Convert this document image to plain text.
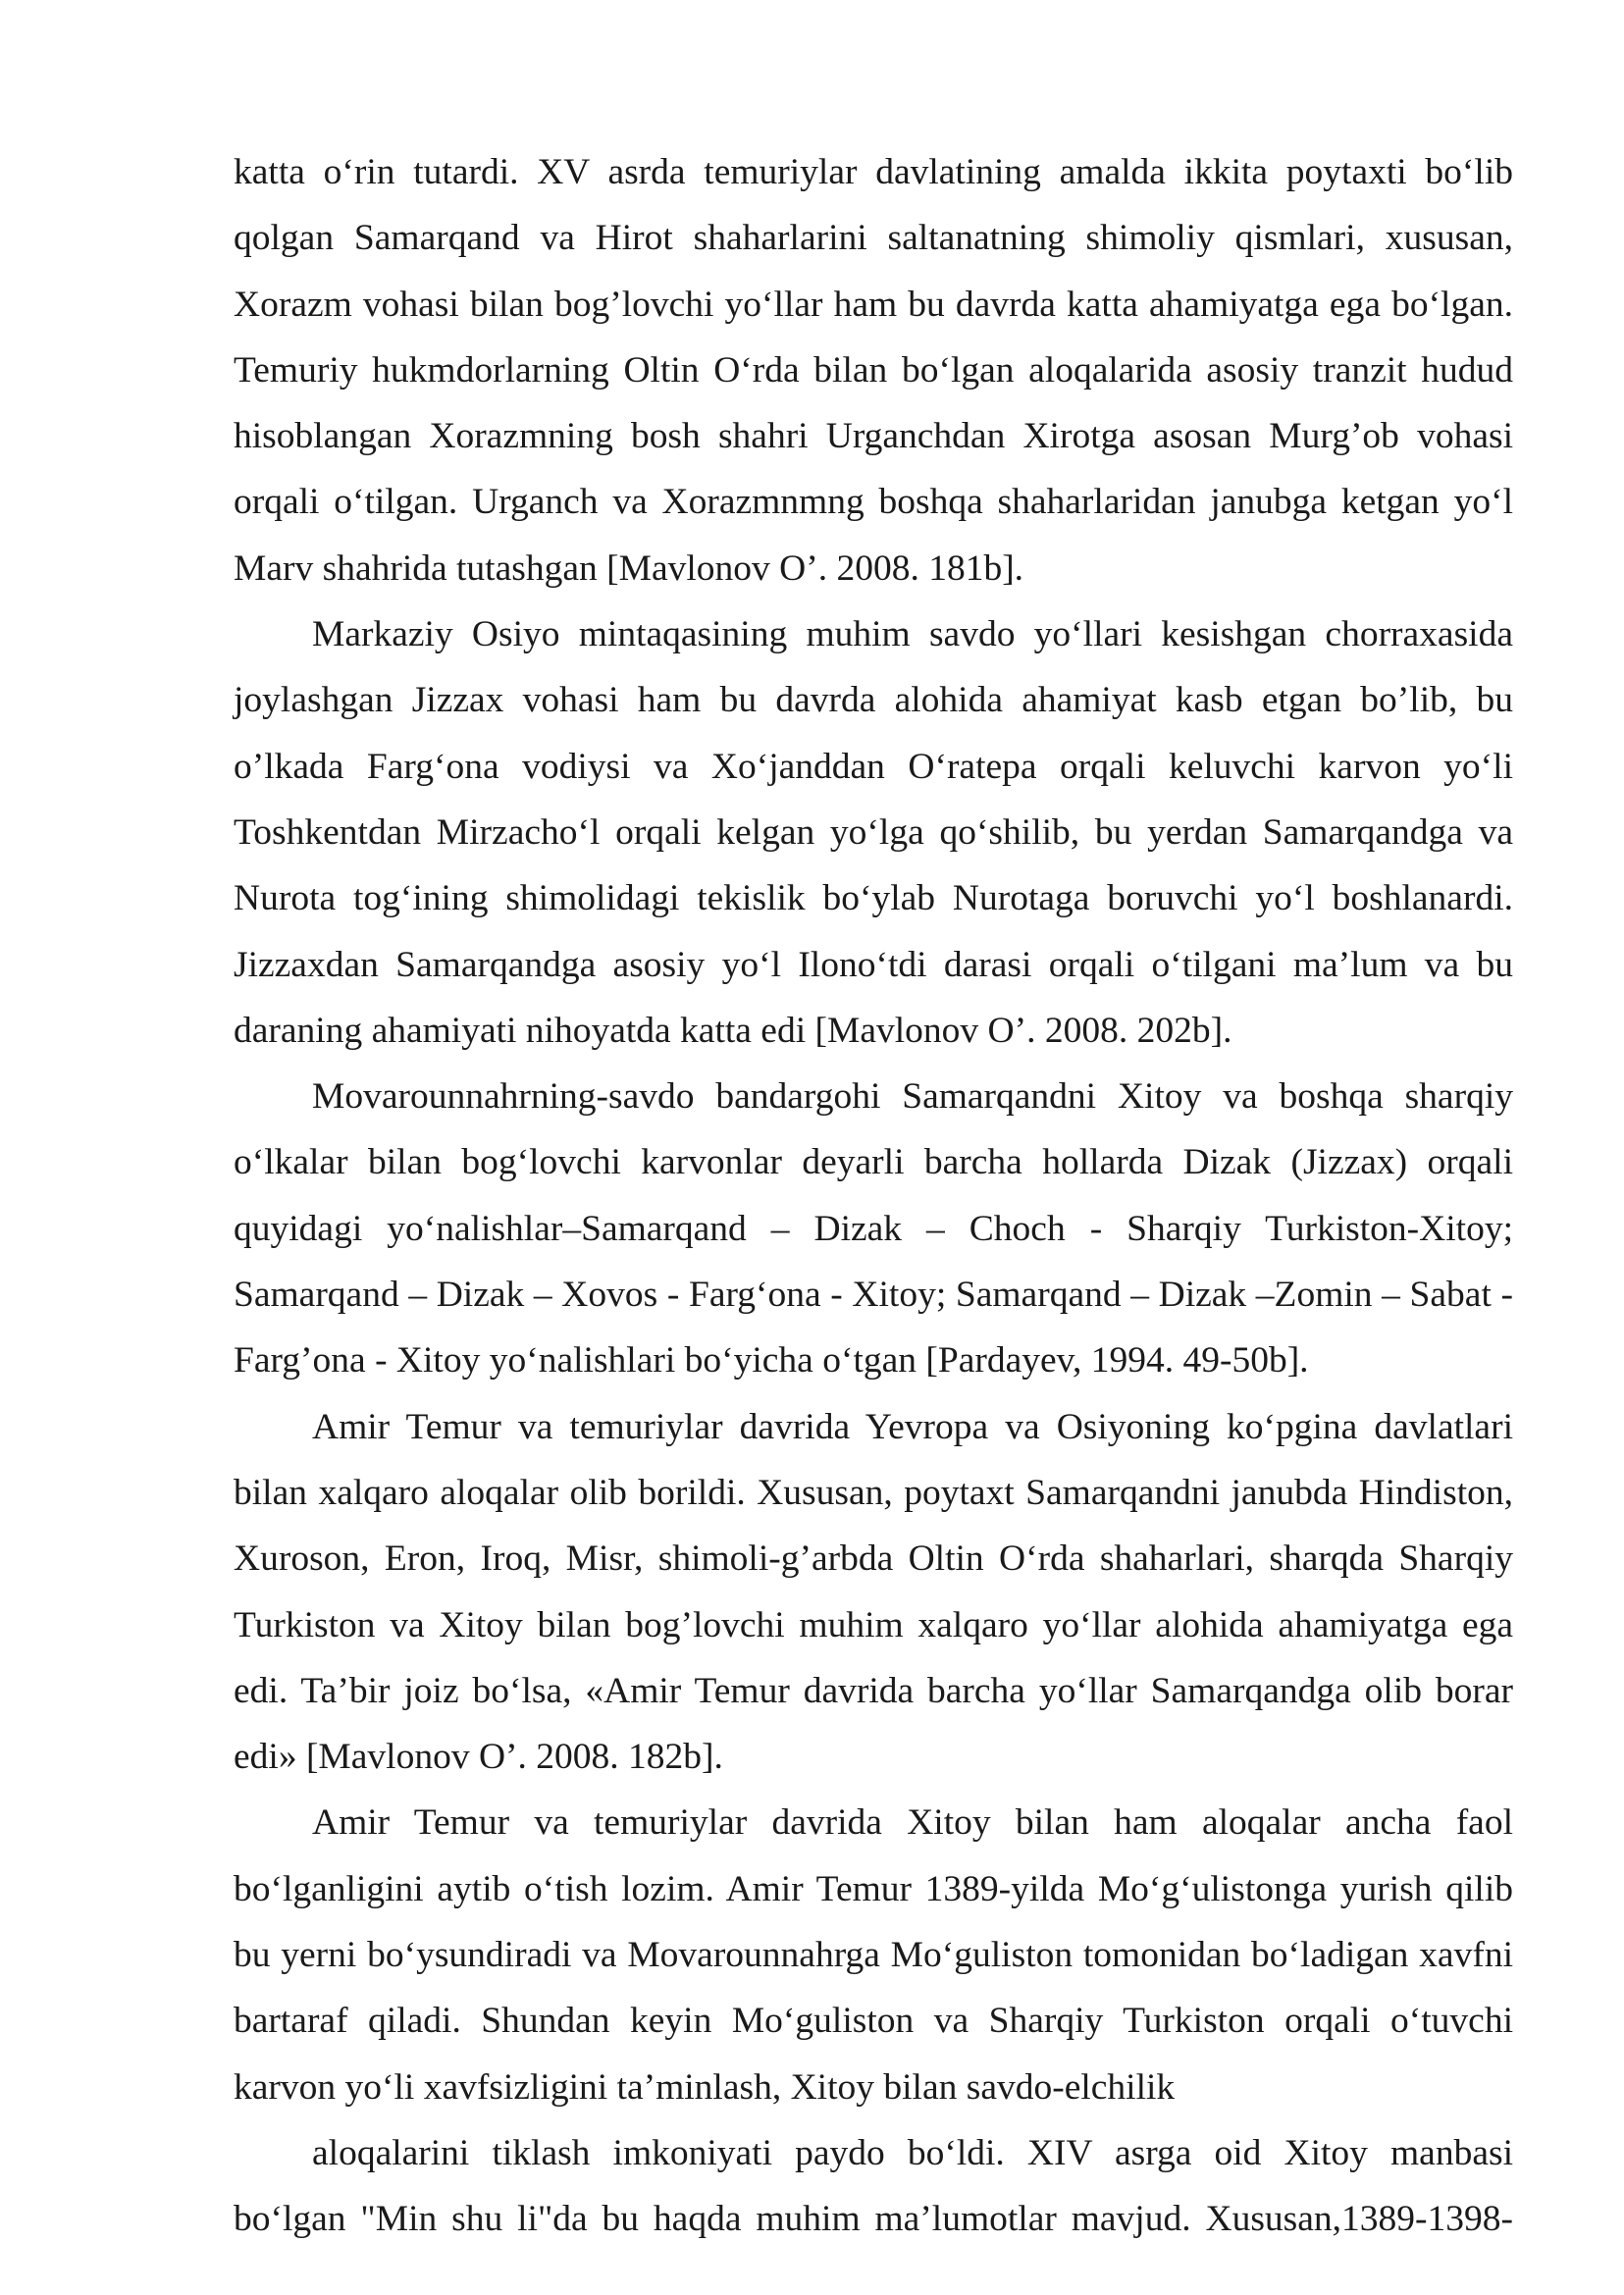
katta o‘rin tutardi. XV asrda temuriylar davlatining amalda ikkita poytaxti bo‘lib qolgan Samarqand va Hirot shaharlarini saltanatning shimoliy qismlari, xususan, Xorazm vohasi bilan bog’lovchi yo‘llar ham bu davrda katta ahamiyatga ega bo‘lgan. Temuriy hukmdorlarning Oltin O‘rda bilan bo‘lgan aloqalarida asosiy tranzit hudud hisoblangan Xorazmning bosh shahri Urganchdan Xirotga asosan Murg’ob vohasi orqali o‘tilgan. Urganch va Xorazmnmng boshqa shaharlaridan janubga ketgan yo‘l Marv shahrida tutashgan [Mavlonov O’. 2008. 181b].

Markaziy Osiyo mintaqasining muhim savdo yo‘llari kesishgan chorraxasida joylashgan Jizzax vohasi ham bu davrda alohida ahamiyat kasb etgan bo’lib, bu o’lkada Farg‘ona vodiysi va Xo‘janddan O‘ratepa orqali keluvchi karvon yo‘li Toshkentdan Mirzacho‘l orqali kelgan yo‘lga qo‘shilib, bu yerdan Samarqandga va Nurota tog‘ining shimolidagi tekislik bo‘ylab Nurotaga boruvchi yo‘l boshlanardi. Jizzaxdan Samarqandga asosiy yo‘l Ilono‘tdi darasi orqali o‘tilgani ma’lum va bu daraning ahamiyati nihoyatda katta edi [Mavlonov O’. 2008. 202b].

Movarounnahrning-savdo bandargohi Samarqandni Xitoy va boshqa sharqiy o‘lkalar bilan bog‘lovchi karvonlar deyarli barcha hollarda Dizak (Jizzax) orqali quyidagi yo‘nalishlar–Samarqand – Dizak – Choch - Sharqiy Turkiston-Xitoy; Samarqand – Dizak – Xovos - Farg‘ona - Xitoy; Samarqand – Dizak –Zomin – Sabat - Farg’ona - Xitoy yo‘nalishlari bo‘yicha o‘tgan [Pardayev, 1994. 49-50b].

Amir Temur va temuriylar davrida Yevropa va Osiyoning ko‘pgina davlatlari bilan xalqaro aloqalar olib borildi. Xususan, poytaxt Samarqandni janubda Hindiston, Xuroson, Eron, Iroq, Misr, shimoli-g’arbda Oltin O‘rda shaharlari, sharqda Sharqiy Turkiston va Xitoy bilan bog’lovchi muhim xalqaro yo‘llar alohida ahamiyatga ega edi. Ta’bir joiz bo‘lsa, «Amir Temur davrida barcha yo‘llar Samarqandga olib borar edi» [Mavlonov O’. 2008. 182b].

Amir Temur va temuriylar davrida Xitoy bilan ham aloqalar ancha faol bo‘lganligini aytib o‘tish lozim. Amir Temur 1389-yilda Mo‘g‘ulistonga yurish qilib bu yerni bo‘ysundiradi va Movarounnahrga Mo‘guliston tomonidan bo‘ladigan xavfni bartaraf qiladi. Shundan keyin Mo‘guliston va Sharqiy Turkiston orqali o‘tuvchi karvon yo‘li xavfsizligini ta’minlash, Xitoy bilan savdo-elchilik

aloqalarini tiklash imkoniyati paydo bo‘ldi. XIV asrga oid Xitoy manbasi bo‘lgan "Min shu li"da bu haqda muhim ma’lumotlar mavjud. Xususan,1389-1398-
